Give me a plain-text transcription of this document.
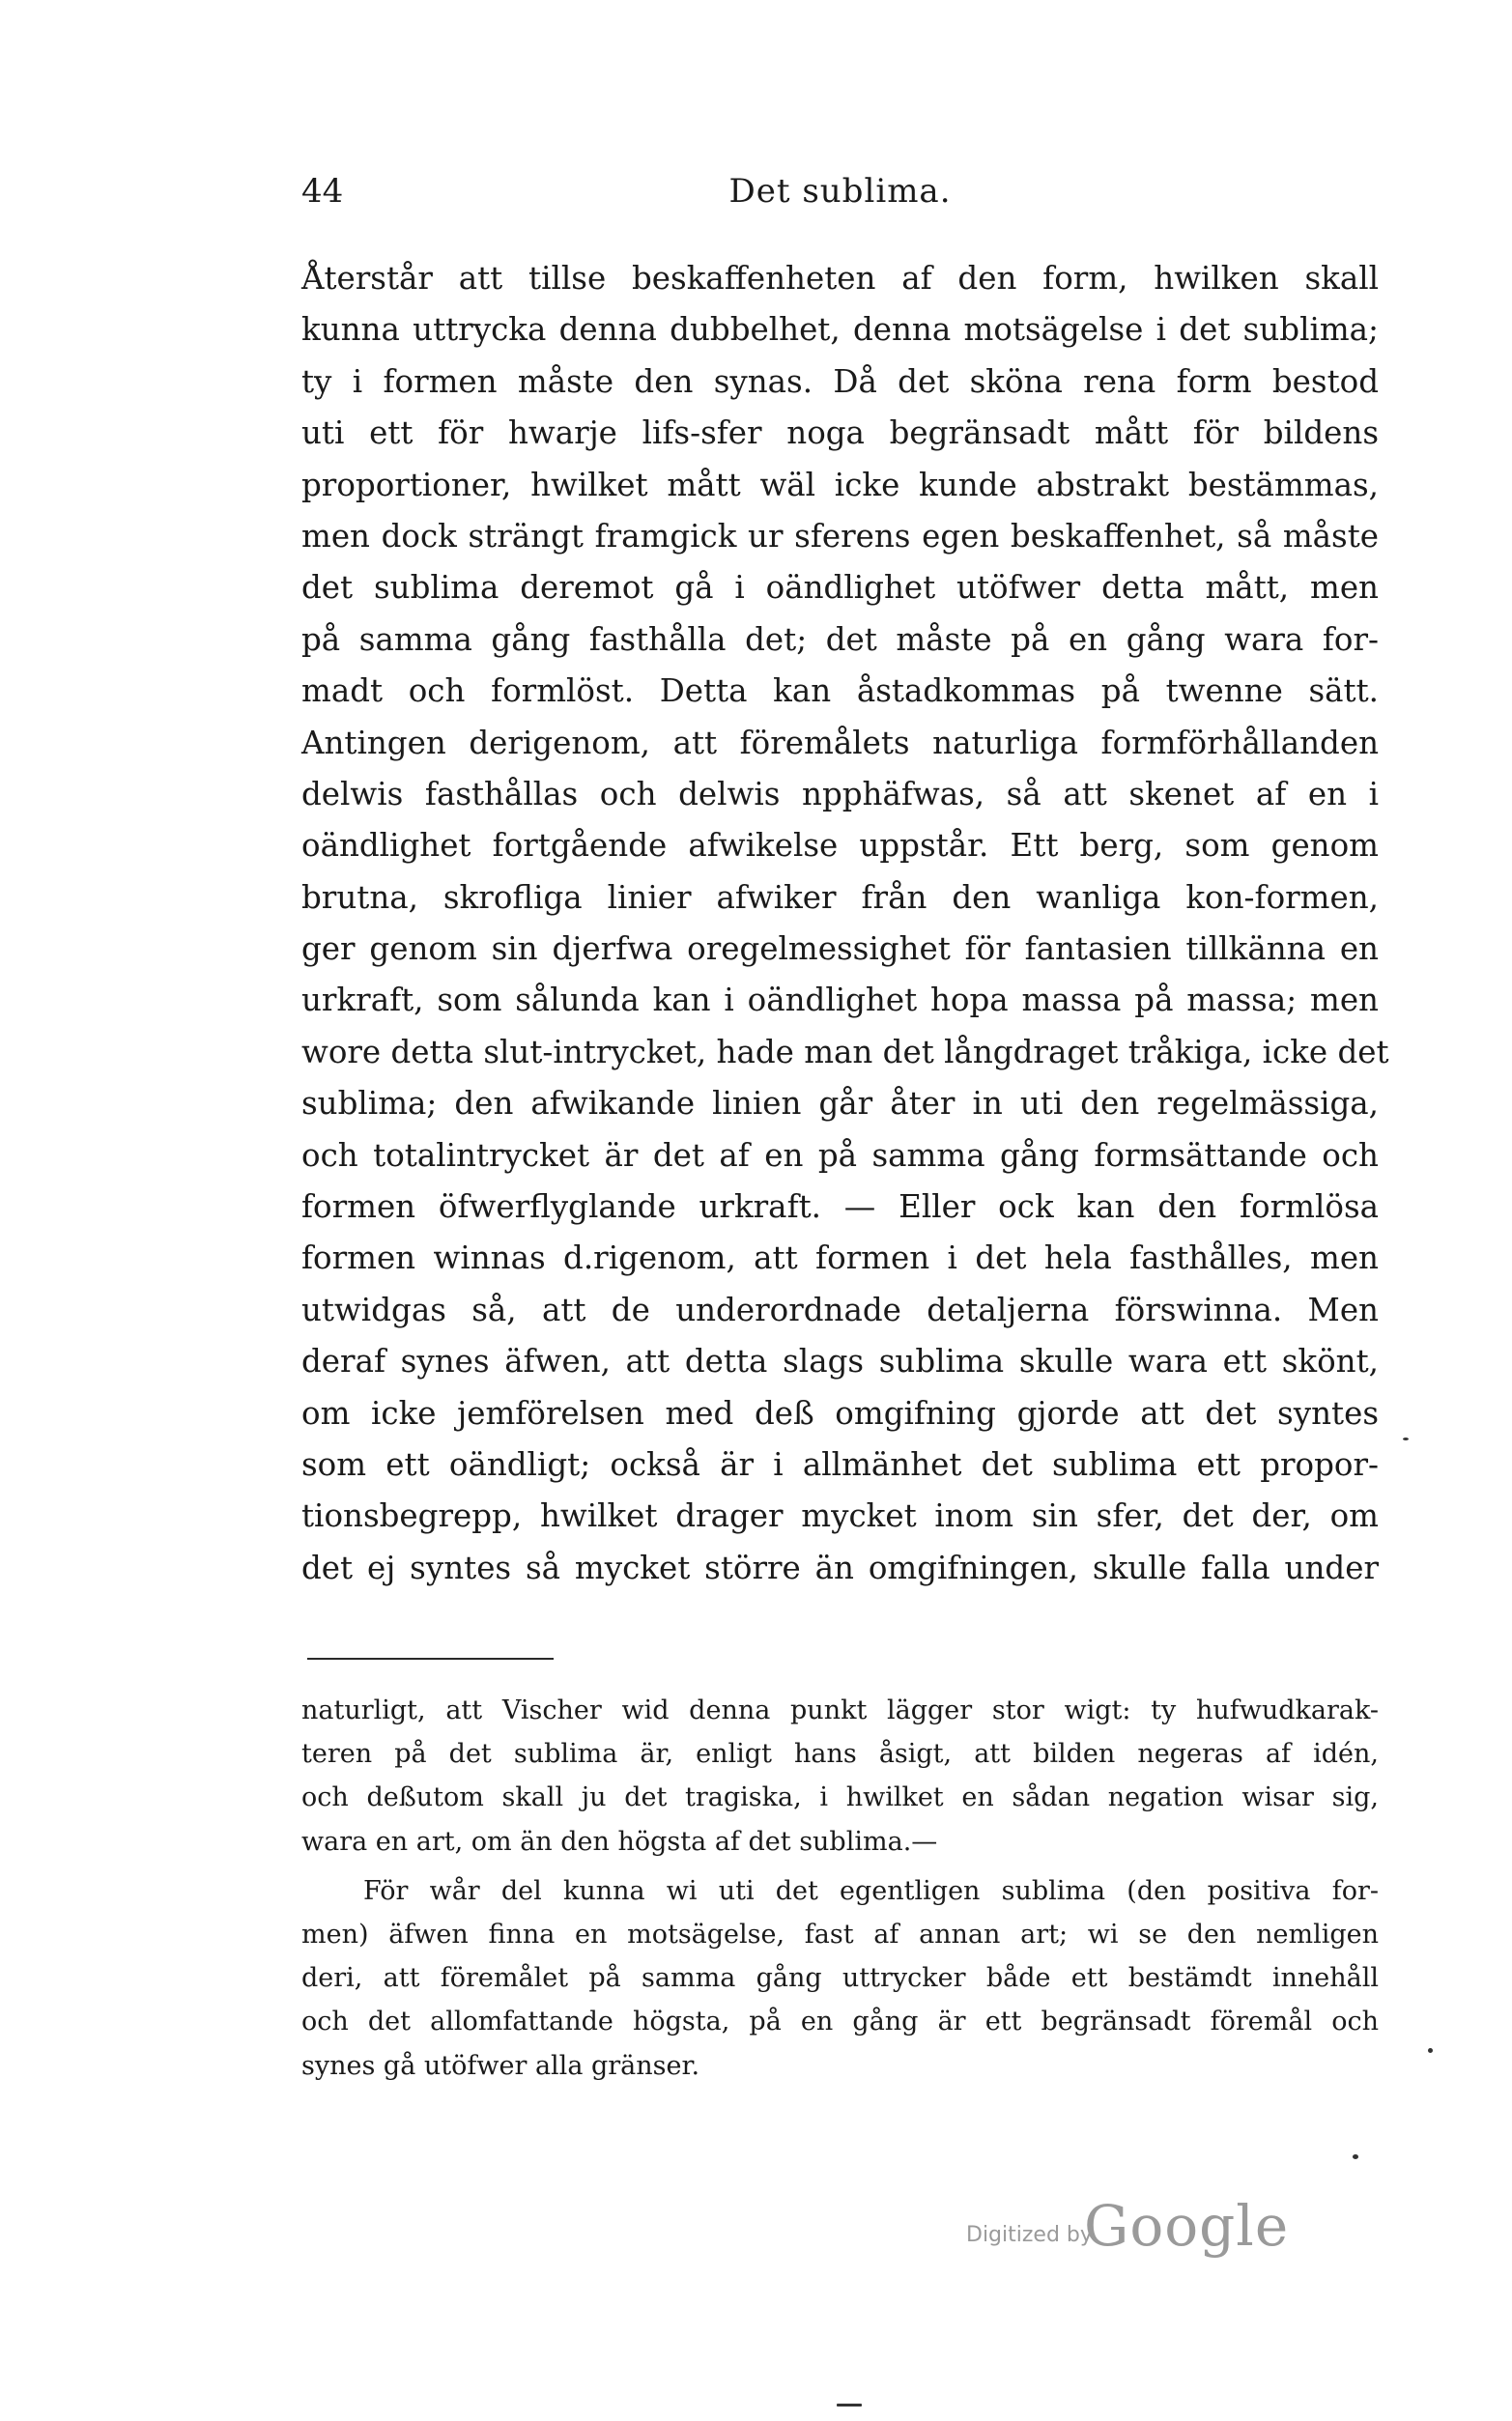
44	Det sublima.
Återstår att tillse beskaffenheten af den form, hwilken skall
kunna uttrycka denna dubbelhet, denna motsägelse i det sublima;
ty i formen måste den synas. Då det sköna rena form bestod
uti ett för hwarje lifs-sfer noga begränsadt mått för bildens
proportioner, hwilket mått wäl icke kunde abstrakt bestämmas,
men dock strängt framgick ur sferens egen beskaffenhet, så måste
det sublima deremot gå i oändlighet utöfwer detta mått, men
på samma gång fasthålla det; det måste på en gång wara for-
madt och formlöst. Detta kan åstadkommas på twenne sätt.
Antingen derigenom, att föremålets naturliga formförhållanden
delwis fasthållas och delwis npphäfwas, så att skenet af en i
oändlighet fortgående afwikelse uppstår. Ett berg, som genom
brutna, skrofliga linier afwiker från den wanliga kon-formen,
ger genom sin djerfwa oregelmessighet för fantasien tillkänna en
urkraft, som sålunda kan i oändlighet hopa massa på massa; men
wore detta slut-intrycket, hade man det långdraget tråkiga, icke det
sublima; den afwikande linien går åter in uti den regelmässiga,
och totalintrycket är det af en på samma gång formsättande och
formen öfwerflyglande urkraft. — Eller ock kan den formlösa
formen winnas d.rigenom, att formen i det hela fasthålles, men
utwidgas så, att de underordnade detaljerna förswinna. Men
deraf synes äfwen, att detta slags sublima skulle wara ett skönt,
om icke jemförelsen med deß omgifning gjorde att det syntes
som ett oändligt; också är i allmänhet det sublima ett propor-
tionsbegrepp, hwilket drager mycket inom sin sfer, det der, om
det ej syntes så mycket större än omgifningen, skulle falla under
naturligt, att Vischer wid denna punkt lägger stor wigt: ty hufwudkarak-
teren på det sublima är, enligt hans åsigt, att bilden negeras af idén,
och deßutom skall ju det tragiska, i hwilket en sådan negation wisar sig,
wara en art, om än den högsta af det sublima.—
För wår del kunna wi uti det egentligen sublima (den positiva for-
men) äfwen finna en motsägelse, fast af annan art; wi se den nemligen
deri, att föremålet på samma gång uttrycker både ett bestämdt innehåll
och det allomfattande högsta, på en gång är ett begränsadt föremål och
synes gå utöfwer alla gränser.
Digitized by
Google
